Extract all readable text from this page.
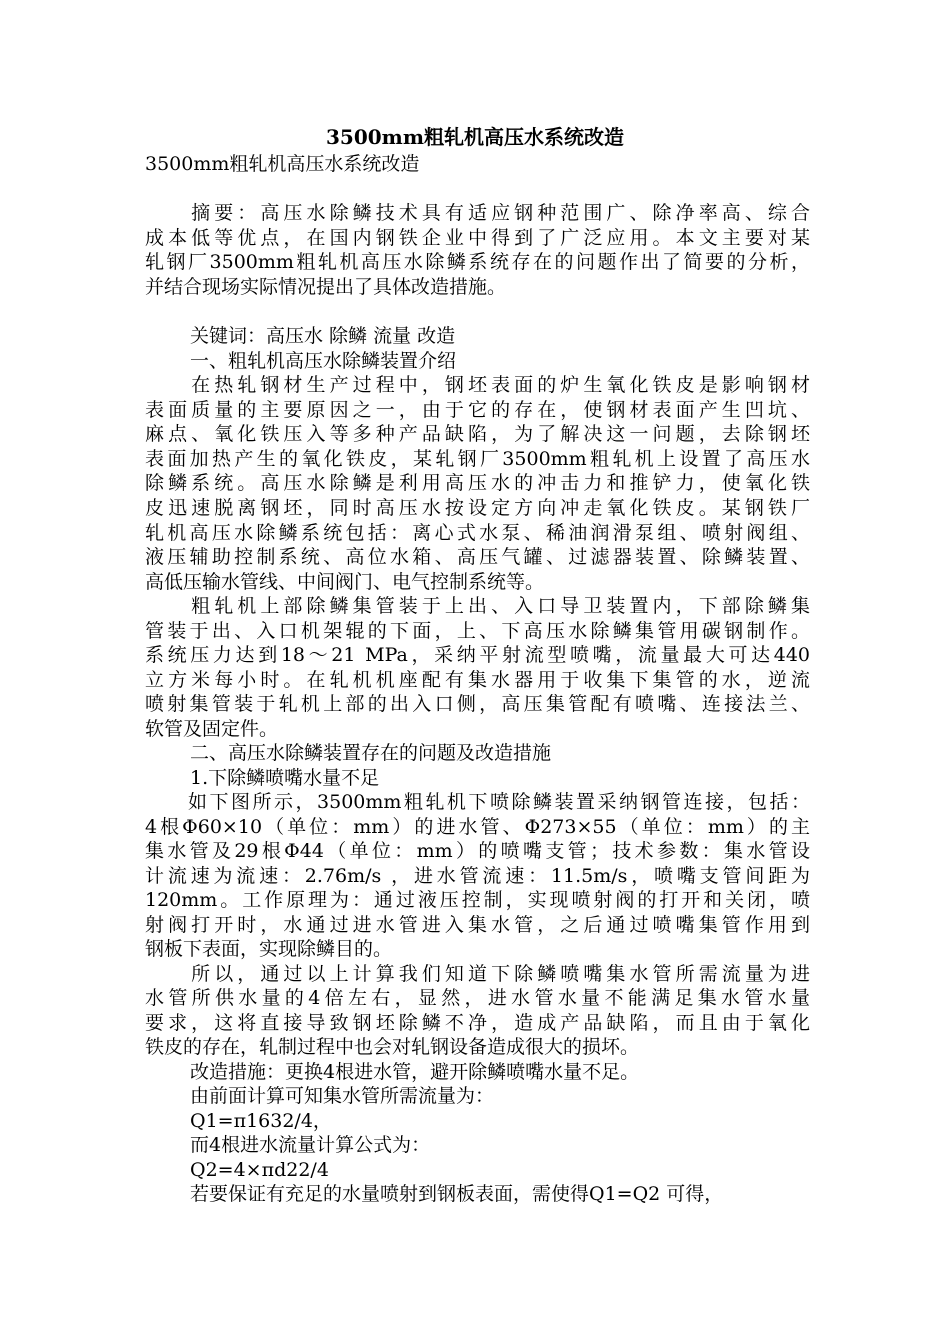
3500mm粗轧机高压水系统改造
3500mm粗轧机高压水系统改造
　　摘要：高压水除鳞技术具有适应钢种范围广、除净率高、综合
成本低等优点，在国内钢铁企业中得到了广泛应用。本文主要对某
轧钢厂3500mm粗轧机高压水除鳞系统存在的问题作出了简要的分析，
并结合现场实际情况提出了具体改造措施。
关键词：高压水 除鳞 流量 改造
一、粗轧机高压水除鳞装置介绍
　　在热轧钢材生产过程中，钢坯表面的炉生氧化铁皮是影响钢材
表面质量的主要原因之一，由于它的存在，使钢材表面产生凹坑、
麻点、氧化铁压入等多种产品缺陷，为了解决这一问题，去除钢坯
表面加热产生的氧化铁皮，某轧钢厂3500mm粗轧机上设置了高压水
除鳞系统。高压水除鳞是利用高压水的冲击力和推铲力，使氧化铁
皮迅速脱离钢坯，同时高压水按设定方向冲走氧化铁皮。某钢铁厂
轧机高压水除鳞系统包括：离心式水泵、稀油润滑泵组、喷射阀组、
液压辅助控制系统、高位水箱、高压气罐、过滤器装置、除鳞装置、
高低压输水管线、中间阀门、电气控制系统等。
　　粗轧机上部除鳞集管装于上出、入口导卫装置内，下部除鳞集
管装于出、入口机架辊的下面，上、下高压水除鳞集管用碳钢制作。
系统压力达到18～21 MPa，采纳平射流型喷嘴，流量最大可达440
立方米每小时。在轧机机座配有集水器用于收集下集管的水，逆流
喷射集管装于轧机上部的出入口侧，高压集管配有喷嘴、连接法兰、
软管及固定件。
二、高压水除鳞装置存在的问题及改造措施
1.下除鳞喷嘴水量不足
　　如下图所示，3500mm粗轧机下喷除鳞装置采纳钢管连接，包括：
4根Φ60×10（单位：mm）的进水管、Φ273×55（单位：mm）的主
集水管及29根Φ44（单位：mm）的喷嘴支管；技术参数：集水管设
计流速为流速：2.76m/s ，进水管流速：11.5m/s，喷嘴支管间距为
120mm。工作原理为：通过液压控制，实现喷射阀的打开和关闭，喷
射阀打开时，水通过进水管进入集水管，之后通过喷嘴集管作用到
钢板下表面，实现除鳞目的。
　　所以，通过以上计算我们知道下除鳞喷嘴集水管所需流量为进
水管所供水量的4倍左右，显然，进水管水量不能满足集水管水量
要求，这将直接导致钢坯除鳞不净，造成产品缺陷，而且由于氧化
铁皮的存在，轧制过程中也会对轧钢设备造成很大的损坏。
改造措施：更换4根进水管，避开除鳞喷嘴水量不足。
由前面计算可知集水管所需流量为：
Q1=π1632/4，
而4根进水流量计算公式为：
Q2=4×πd22/4
若要保证有充足的水量喷射到钢板表面，需使得Q1=Q2 可得，
